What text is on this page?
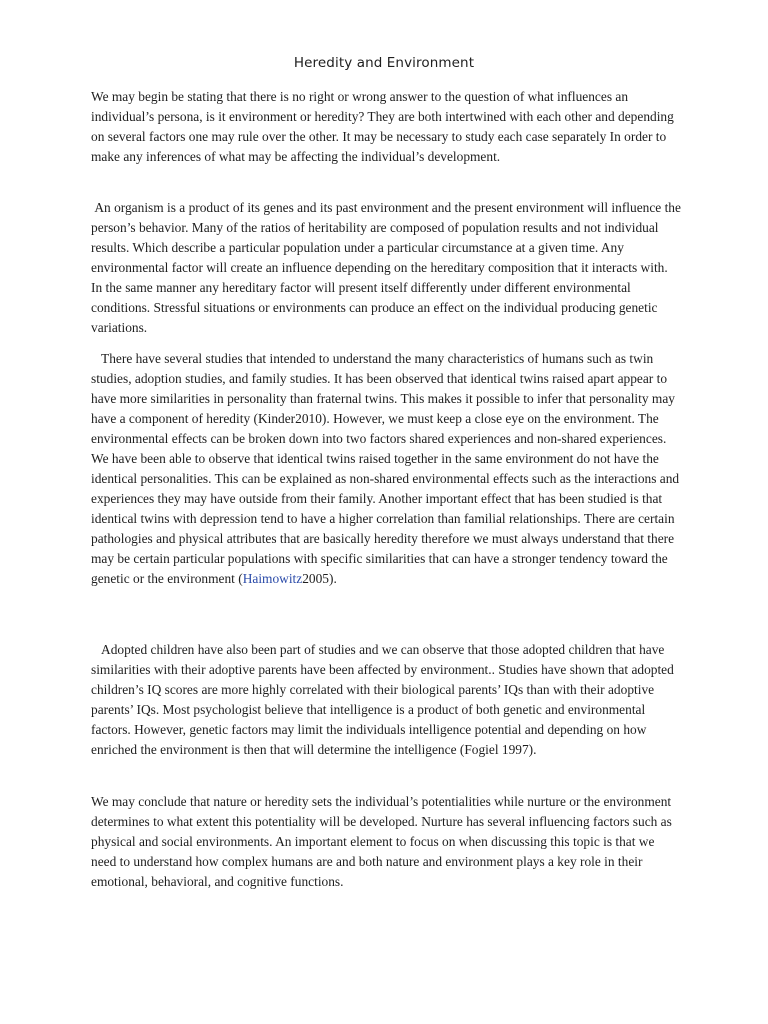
Heredity and Environment

We may begin be stating that there is no right or wrong answer to the question of what influences an individual’s persona, is it environment or heredity? They are both intertwined with each other and depending on several factors one may rule over the other. It may be necessary to study each case separately In order to make any inferences of what may be affecting the individual’s development.

An organism is a product of its genes and its past environment and the present environment will influence the person’s behavior. Many of the ratios of heritability are composed of population results and not individual results. Which describe a particular population under a particular circumstance at a given time. Any environmental factor will create an influence depending on the hereditary composition that it interacts with. In the same manner any hereditary factor will present itself differently under different environmental conditions. Stressful situations or environments can produce an effect on the individual producing genetic variations.

There have several studies that intended to understand the many characteristics of humans such as twin studies, adoption studies, and family studies. It has been observed that identical twins raised apart appear to have more similarities in personality than fraternal twins. This makes it possible to infer that personality may have a component of heredity (Kinder2010). However, we must keep a close eye on the environment. The environmental effects can be broken down into two factors shared experiences and non-shared experiences. We have been able to observe that identical twins raised together in the same environment do not have the identical personalities. This can be explained as non-shared environmental effects such as the interactions and experiences they may have outside from their family. Another important effect that has been studied is that identical twins with depression tend to have a higher correlation than familial relationships. There are certain pathologies and physical attributes that are basically heredity therefore we must always understand that there may be certain particular populations with specific similarities that can have a stronger tendency toward the genetic or the environment (Haimowitz2005).

Adopted children have also been part of studies and we can observe that those adopted children that have similarities with their adoptive parents have been affected by environment.. Studies have shown that adopted children’s IQ scores are more highly correlated with their biological parents’ IQs than with their adoptive parents’ IQs. Most psychologist believe that intelligence is a product of both genetic and environmental factors. However, genetic factors may limit the individuals intelligence potential and depending on how enriched the environment is then that will determine the intelligence (Fogiel 1997).

We may conclude that nature or heredity sets the individual’s potentialities while nurture or the environment determines to what extent this potentiality will be developed. Nurture has several influencing factors such as physical and social environments. An important element to focus on when discussing this topic is that we need to understand how complex humans are and both nature and environment plays a key role in their emotional, behavioral, and cognitive functions.
